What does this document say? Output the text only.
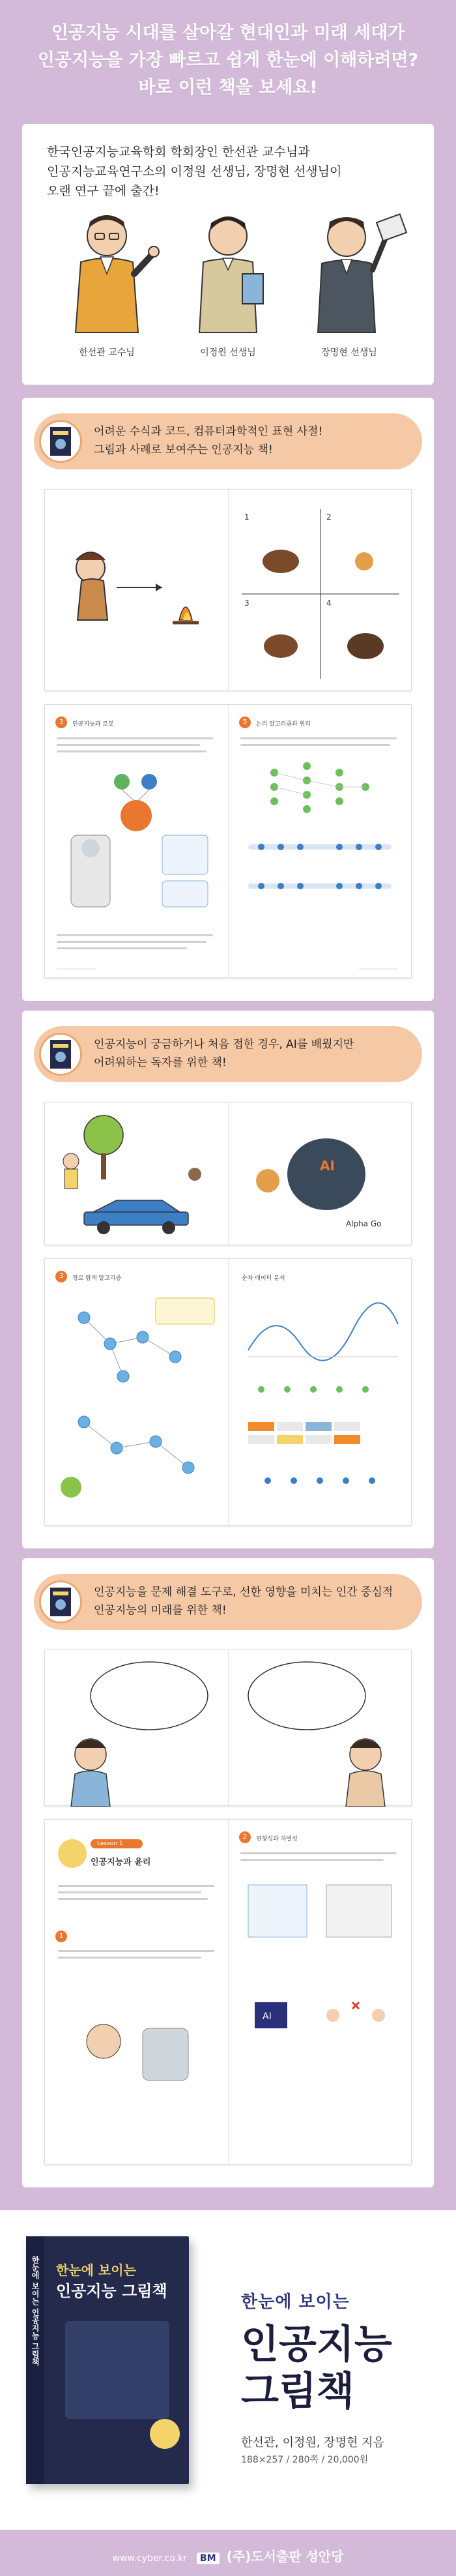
인공지능 시대를 살아갈 현대인과 미래 세대가
인공지능을 가장 빠르고 쉽게 한눈에 이해하려면?
바로 이런 책을 보세요!
한국인공지능교육학회 학회장인 한선관 교수님과
인공지능교육연구소의 이정원 선생님, 장명현 선생님이
오랜 연구 끝에 출간!
한선관 교수님	이정원 선생님	장명현 선생님
어려운 수식과 코드, 컴퓨터과학적인 표현 사절!
그림과 사례로 보여주는 인공지능 책!
1	2
3	4
3	인공지능과 로봇	5	논리 알고리즘과 원리
인공지능이 궁금하거나 처음 접한 경우, AI를 배웠지만
어려워하는 독자를 위한 책!
AI
Alpha Go
3	경로 탐색 알고리즘	순차 데이터 분석
인공지능을 문제 해결 도구로, 선한 영향을 미치는 인간 중심적
인공지능의 미래를 위한 책!
Lesson 1
인공지능과 윤리
1
2	편향성과 차별성
AI
한눈에 보이는
인공지능 그림책
한눈에 보이는 인공지능 그림책	한눈에 보이는
인공지능
그림책
한선관, 이정원, 장명현 지음
188×257 / 280쪽 / 20,000원
www.cyber.co.kr BM (주)도서출판 성안당
